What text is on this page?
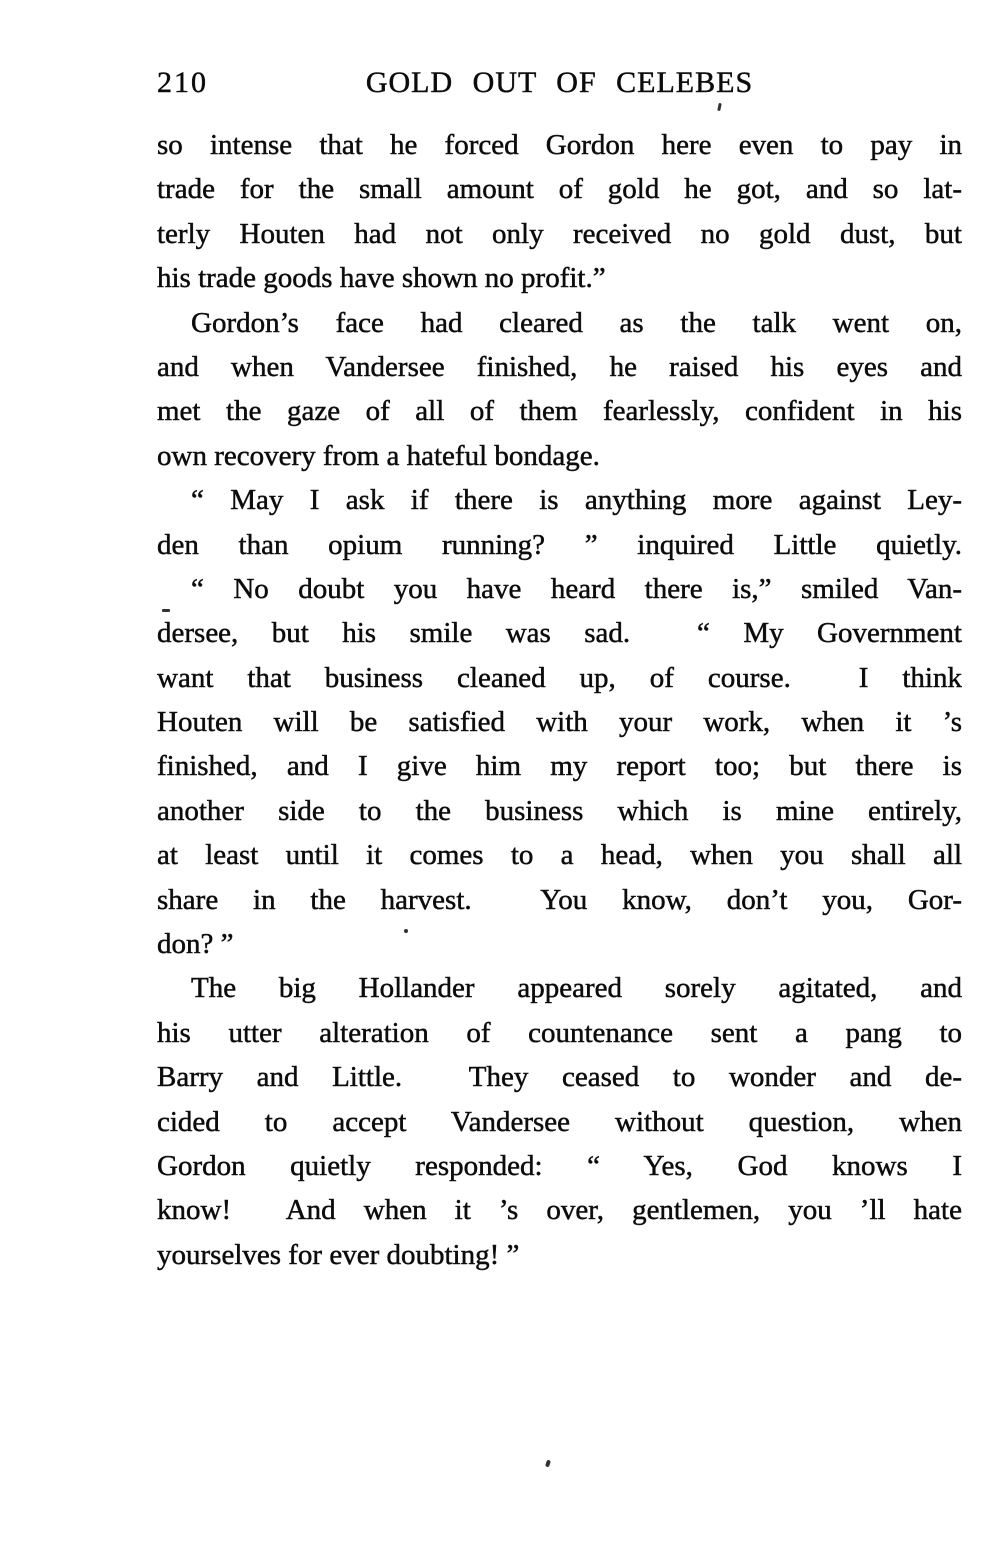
210	GOLD OUT OF CELEBES
so intense that he forced Gordon here even to pay in
trade for the small amount of gold he got, and so lat-
terly Houten had not only received no gold dust, but
his trade goods have shown no profit.”
Gordon’s face had cleared as the talk went on,
and when Vandersee finished, he raised his eyes and
met the gaze of all of them fearlessly, confident in his
own recovery from a hateful bondage.
“ May I ask if there is anything more against Ley-
den than opium running? ” inquired Little quietly.
“ No doubt you have heard there is,” smiled Van-
dersee, but his smile was sad.  “ My Government
want that business cleaned up, of course.  I think
Houten will be satisfied with your work, when it ’s
finished, and I give him my report too; but there is
another side to the business which is mine entirely,
at least until it comes to a head, when you shall all
share in the harvest.  You know, don’t you, Gor-
don? ”
The big Hollander appeared sorely agitated, and
his utter alteration of countenance sent a pang to
Barry and Little.  They ceased to wonder and de-
cided to accept Vandersee without question, when
Gordon quietly responded: “ Yes, God knows I
know!  And when it ’s over, gentlemen, you ’ll hate
yourselves for ever doubting! ”
